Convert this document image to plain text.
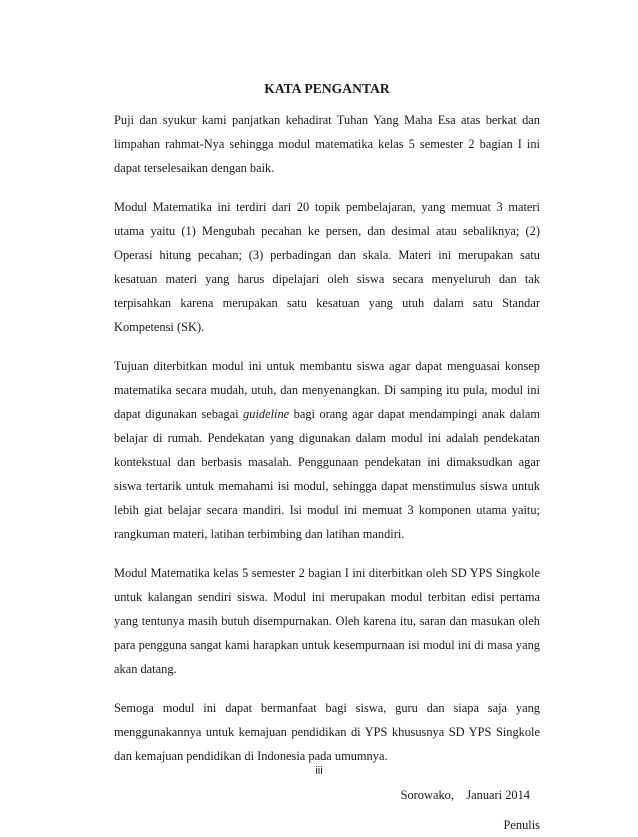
KATA PENGANTAR

Puji dan syukur kami panjatkan kehadirat Tuhan Yang Maha Esa atas berkat dan limpahan rahmat-Nya sehingga modul matematika kelas 5 semester 2 bagian I ini dapat terselesaikan dengan baik.

Modul Matematika ini terdiri dari 20 topik pembelajaran, yang memuat 3 materi utama yaitu (1) Mengubah pecahan ke persen, dan desimal atau sebaliknya; (2) Operasi hitung pecahan; (3) perbadingan dan skala. Materi ini merupakan satu kesatuan materi yang harus dipelajari oleh siswa secara menyeluruh dan tak terpisahkan karena merupakan satu kesatuan yang utuh dalam satu Standar Kompetensi (SK).

Tujuan diterbitkan modul ini untuk membantu siswa agar dapat menguasai konsep matematika secara mudah, utuh, dan menyenangkan. Di samping itu pula, modul ini dapat digunakan sebagai guideline bagi orang agar dapat mendampingi anak dalam belajar di rumah. Pendekatan yang digunakan dalam modul ini adalah pendekatan kontekstual dan berbasis masalah. Penggunaan pendekatan ini dimaksudkan agar siswa tertarik untuk memahami isi modul, sehingga dapat menstimulus siswa untuk lebih giat belajar secara mandiri. Isi modul ini memuat 3 komponen utama yaitu; rangkuman materi, latihan terbimbing dan latihan mandiri.

Modul Matematika kelas 5 semester 2 bagian I ini diterbitkan oleh SD YPS Singkole untuk kalangan sendiri siswa. Modul ini merupakan modul terbitan edisi pertama yang tentunya masih butuh disempurnakan. Oleh karena itu, saran dan masukan oleh para pengguna sangat kami harapkan untuk kesempurnaan isi modul ini di masa yang akan datang.

Semoga modul ini dapat bermanfaat bagi siswa, guru dan siapa saja yang menggunakannya untuk kemajuan pendidikan di YPS khususnya SD YPS Singkole dan kemajuan pendidikan di Indonesia pada umumnya.

Sorowako,    Januari 2014

Penulis

iii
